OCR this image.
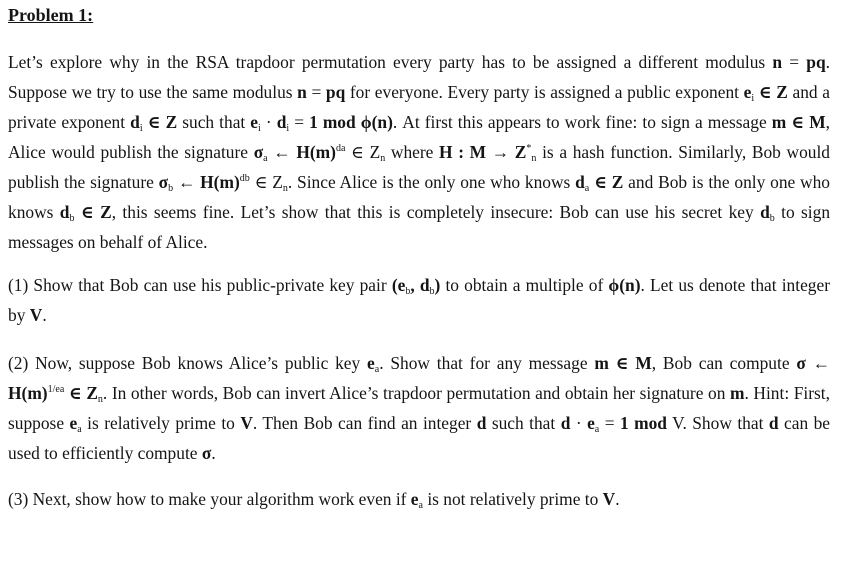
Problem 1:

Let’s explore why in the RSA trapdoor permutation every party has to be assigned a different modulus n = pq. Suppose we try to use the same modulus n = pq for everyone. Every party is assigned a public exponent $e_i$ ∈ Z and a private exponent $d_i$ ∈ Z such that $e_i \cdot d_i = 1$ mod ϕ(n). At first this appears to work fine: to sign a message m ∈ M, Alice would publish the signature $\sigma_a$ ← $H(m)^{da}$ ∈ $Z_n$ where H : $M \to Z^*_n$ is a hash function. Similarly, Bob would publish the signature $\sigma_b$ ← $H(m)^{db}$ ∈ $Z_n$. Since Alice is the only one who knows $d_a$ ∈ Z and Bob is the only one who knows $d_b$ ∈ Z, this seems fine. Let’s show that this is completely insecure: Bob can use his secret key $d_b$ to sign messages on behalf of Alice.

(1) Show that Bob can use his public-private key pair ($e_b$, $d_b$) to obtain a multiple of ϕ(n). Let us denote that integer by V.

(2) Now, suppose Bob knows Alice’s public key $e_a$. Show that for any message m ∈ M, Bob can compute σ ← $H(m)^{1/ea}$ ∈ $Z_n$. In other words, Bob can invert Alice’s trapdoor permutation and obtain her signature on m. Hint: First, suppose $e_a$ is relatively prime to V. Then Bob can find an integer d such that $d \cdot e_a = 1$ mod V. Show that d can be used to efficiently compute σ.

(3) Next, show how to make your algorithm work even if $e_a$ is not relatively prime to V.
